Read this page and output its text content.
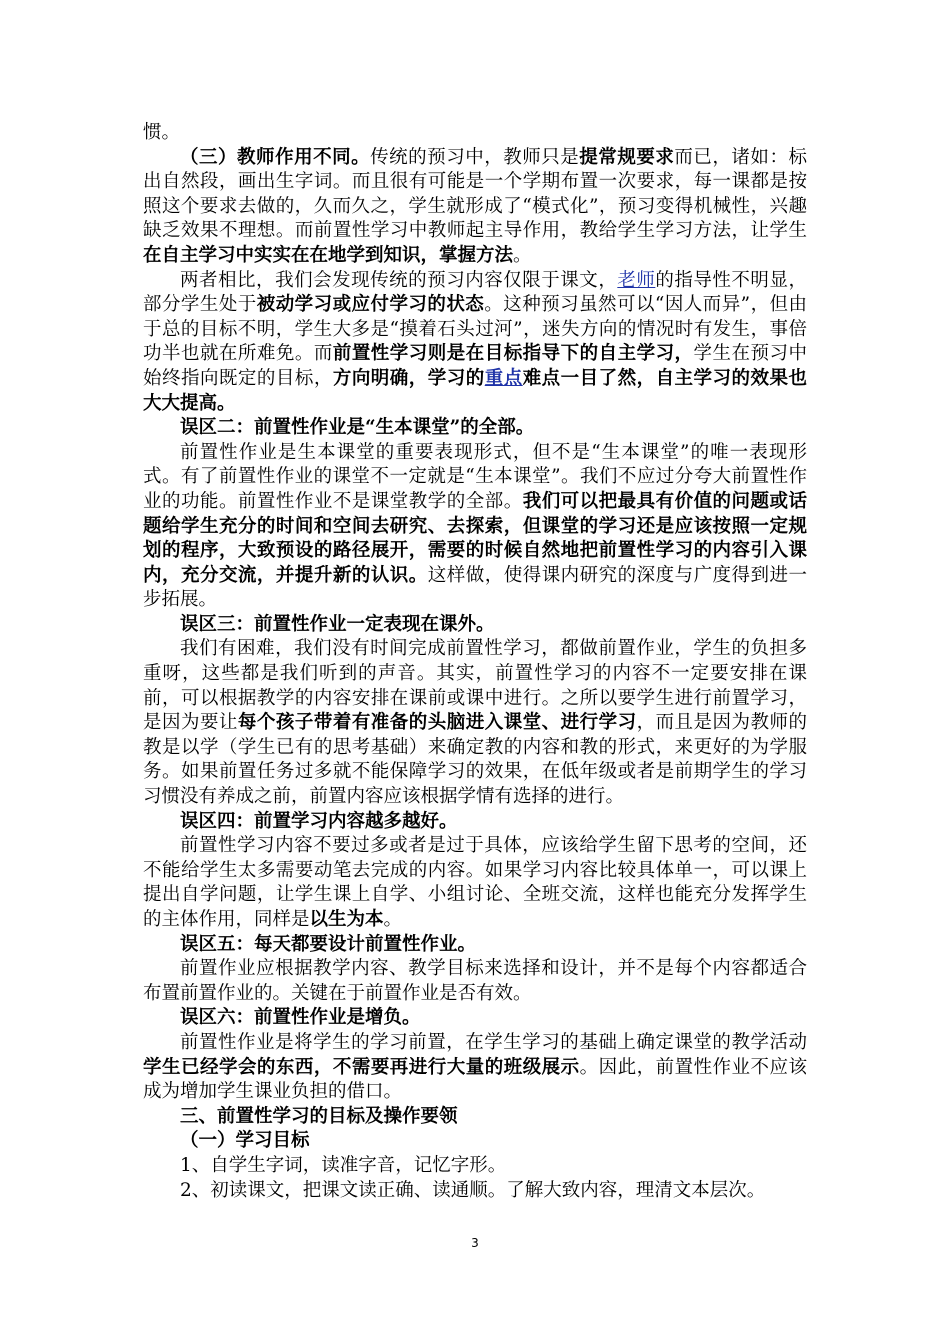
惯。

（三）教师作用不同。传统的预习中，教师只是提常规要求而已，诸如：标出自然段，画出生字词。而且很有可能是一个学期布置一次要求，每一课都是按照这个要求去做的，久而久之，学生就形成了“模式化”，预习变得机械性，兴趣缺乏效果不理想。而前置性学习中教师起主导作用，教给学生学习方法，让学生在自主学习中实实在在地学到知识，掌握方法。

两者相比，我们会发现传统的预习内容仅限于课文，老师的指导性不明显，部分学生处于被动学习或应付学习的状态。这种预习虽然可以“因人而异”，但由于总的目标不明，学生大多是“摸着石头过河”，迷失方向的情况时有发生，事倍功半也就在所难免。而前置性学习则是在目标指导下的自主学习，学生在预习中始终指向既定的目标，方向明确，学习的重点难点一目了然，自主学习的效果也大大提高。

误区二：前置性作业是“生本课堂”的全部。

前置性作业是生本课堂的重要表现形式，但不是“生本课堂”的唯一表现形式。有了前置性作业的课堂不一定就是“生本课堂”。我们不应过分夸大前置性作业的功能。前置性作业不是课堂教学的全部。我们可以把最具有价值的问题或话题给学生充分的时间和空间去研究、去探索，但课堂的学习还是应该按照一定规划的程序，大致预设的路径展开，需要的时候自然地把前置性学习的内容引入课内，充分交流，并提升新的认识。这样做，使得课内研究的深度与广度得到进一步拓展。

误区三：前置性作业一定表现在课外。

我们有困难，我们没有时间完成前置性学习，都做前置作业，学生的负担多重呀，这些都是我们听到的声音。其实，前置性学习的内容不一定要安排在课前，可以根据教学的内容安排在课前或课中进行。之所以要学生进行前置学习，是因为要让每个孩子带着有准备的头脑进入课堂、进行学习，而且是因为教师的教是以学（学生已有的思考基础）来确定教的内容和教的形式，来更好的为学服务。如果前置任务过多就不能保障学习的效果，在低年级或者是前期学生的学习习惯没有养成之前，前置内容应该根据学情有选择的进行。

误区四：前置学习内容越多越好。

前置性学习内容不要过多或者是过于具体，应该给学生留下思考的空间，还不能给学生太多需要动笔去完成的内容。如果学习内容比较具体单一，可以课上提出自学问题，让学生课上自学、小组讨论、全班交流，这样也能充分发挥学生的主体作用，同样是以生为本。

误区五：每天都要设计前置性作业。

前置作业应根据教学内容、教学目标来选择和设计，并不是每个内容都适合布置前置作业的。关键在于前置作业是否有效。

误区六：前置性作业是增负。

前置性作业是将学生的学习前置，在学生学习的基础上确定课堂的教学活动学生已经学会的东西，不需要再进行大量的班级展示。因此，前置性作业不应该成为增加学生课业负担的借口。

三、前置性学习的目标及操作要领

（一）学习目标

1、自学生字词，读准字音，记忆字形。

2、初读课文，把课文读正确、读通顺。了解大致内容，理清文本层次。

3
